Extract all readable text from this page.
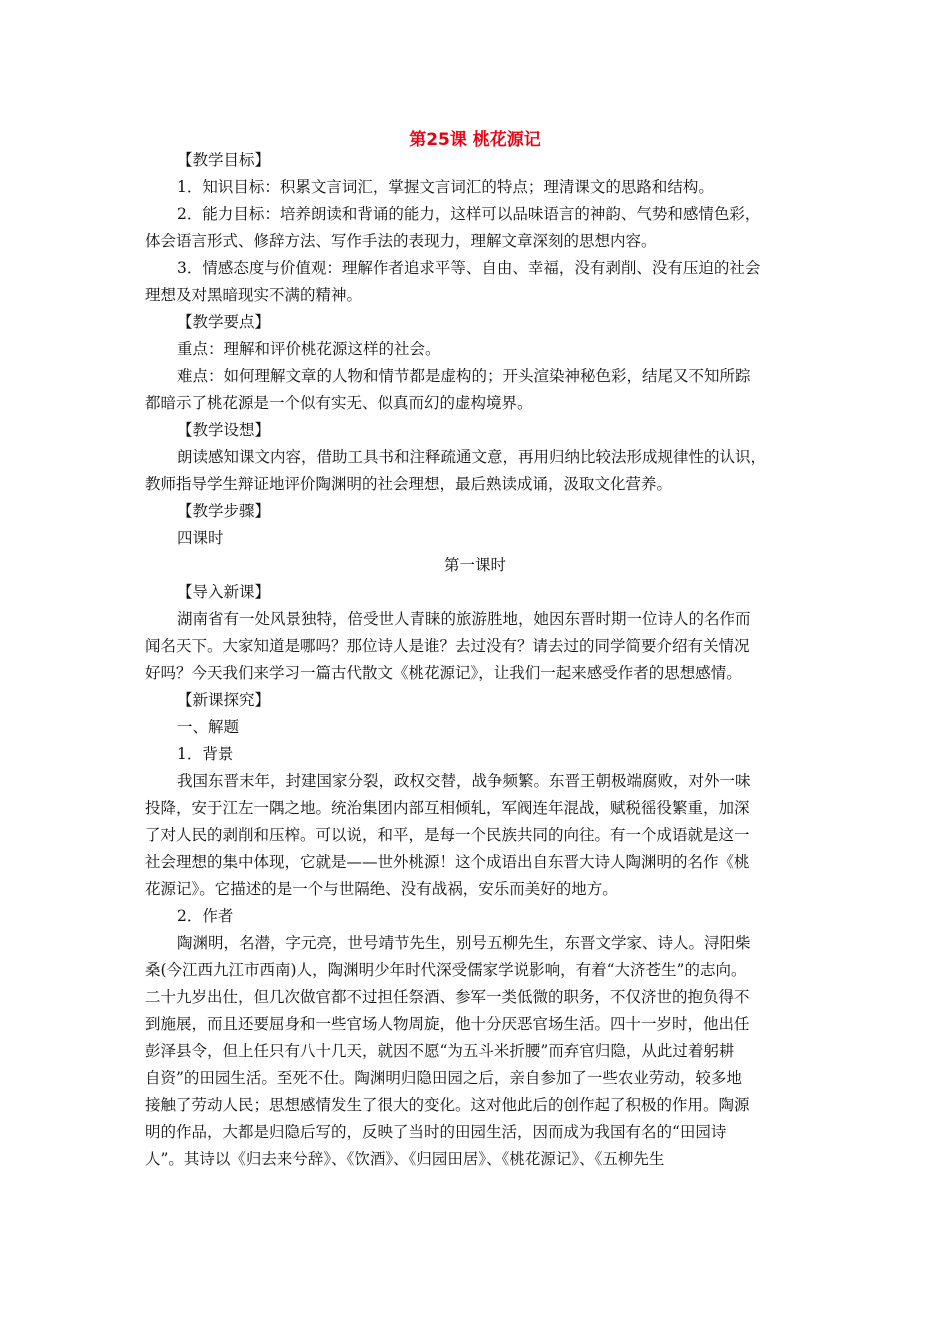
第25课 桃花源记
【教学目标】
1．知识目标：积累文言词汇，掌握文言词汇的特点；理清课文的思路和结构。
2．能力目标：培养朗读和背诵的能力，这样可以品味语言的神韵、气势和感情色彩，
体会语言形式、修辞方法、写作手法的表现力，理解文章深刻的思想内容。
3．情感态度与价值观：理解作者追求平等、自由、幸福，没有剥削、没有压迫的社会
理想及对黑暗现实不满的精神。
【教学要点】
重点：理解和评价桃花源这样的社会。
难点：如何理解文章的人物和情节都是虚构的；开头渲染神秘色彩，结尾又不知所踪
都暗示了桃花源是一个似有实无、似真而幻的虚构境界。
【教学设想】
朗读感知课文内容，借助工具书和注释疏通文意，再用归纳比较法形成规律性的认识，
教师指导学生辩证地评价陶渊明的社会理想，最后熟读成诵，汲取文化营养。
【教学步骤】
四课时
第一课时
【导入新课】
湖南省有一处风景独特，倍受世人青睐的旅游胜地，她因东晋时期一位诗人的名作而
闻名天下。大家知道是哪吗？那位诗人是谁？去过没有？请去过的同学简要介绍有关情况
好吗？今天我们来学习一篇古代散文《桃花源记》，让我们一起来感受作者的思想感情。
【新课探究】
一、解题
1．背景
我国东晋末年，封建国家分裂，政权交替，战争频繁。东晋王朝极端腐败，对外一味
投降，安于江左一隅之地。统治集团内部互相倾轧，军阀连年混战，赋税徭役繁重，加深
了对人民的剥削和压榨。可以说，和平，是每一个民族共同的向往。有一个成语就是这一
社会理想的集中体现，它就是——世外桃源！这个成语出自东晋大诗人陶渊明的名作《桃
花源记》。它描述的是一个与世隔绝、没有战祸，安乐而美好的地方。
2．作者
陶渊明，名潜，字元亮，世号靖节先生，别号五柳先生，东晋文学家、诗人。浔阳柴
桑(今江西九江市西南)人，陶渊明少年时代深受儒家学说影响，有着“大济苍生”的志向。
二十九岁出仕，但几次做官都不过担任祭酒、参军一类低微的职务，不仅济世的抱负得不
到施展，而且还要屈身和一些官场人物周旋，他十分厌恶官场生活。四十一岁时，他出任
彭泽县令，但上任只有八十几天，就因不愿“为五斗米折腰”而弃官归隐，从此过着躬耕
自资”的田园生活。至死不仕。陶渊明归隐田园之后，亲自参加了一些农业劳动，较多地
接触了劳动人民；思想感情发生了很大的变化。这对他此后的创作起了积极的作用。陶源
明的作品，大都是归隐后写的，反映了当时的田园生活，因而成为我国有名的“田园诗
人”。其诗以《归去来兮辞》、《饮酒》、《归园田居》、《桃花源记》、《五柳先生
